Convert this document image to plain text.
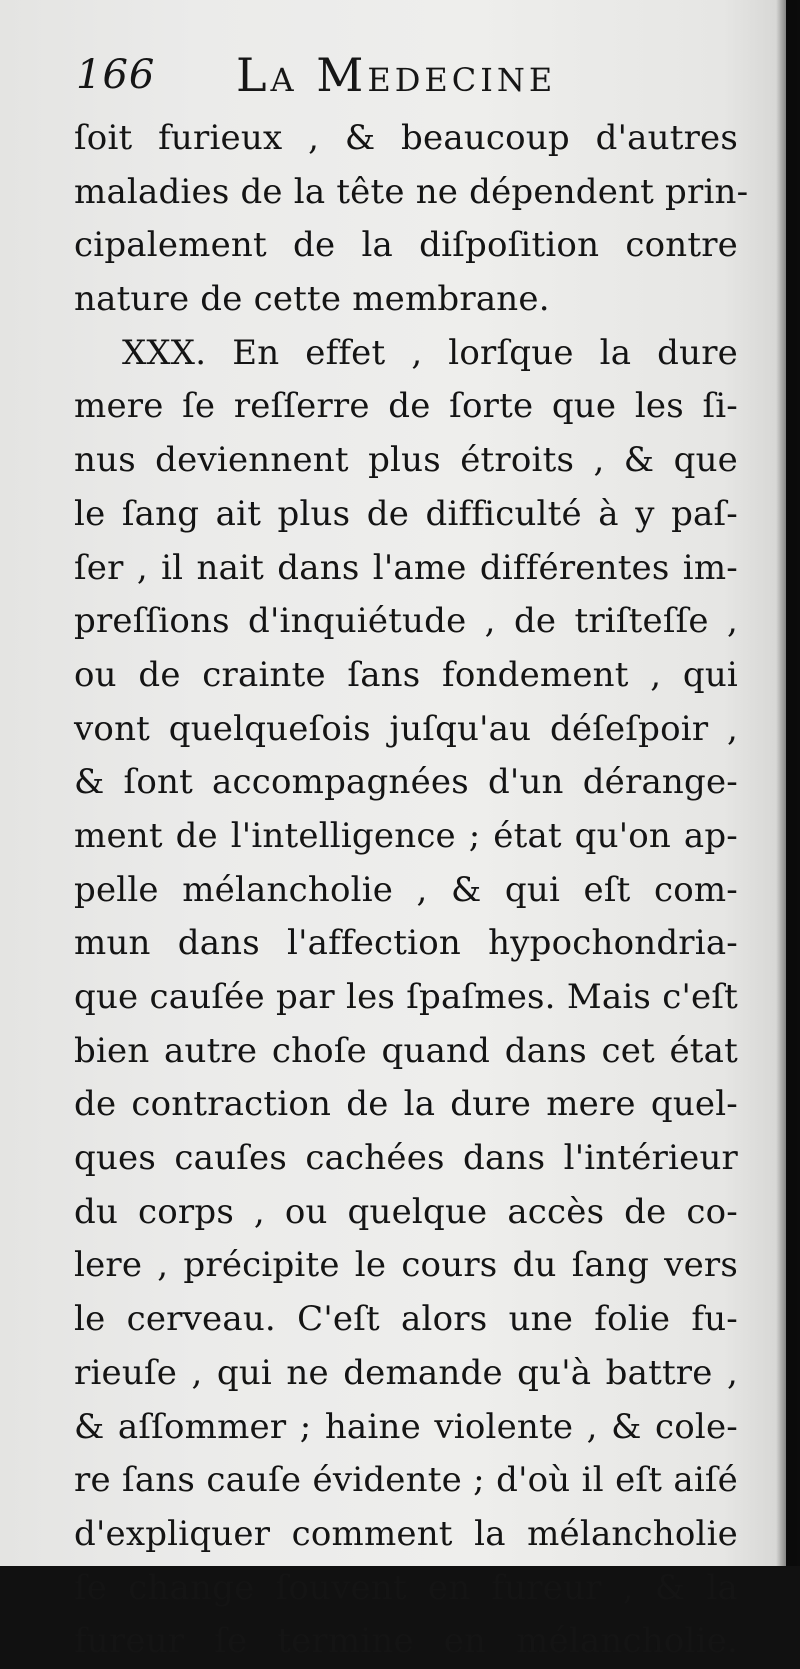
166 La Medecine
ſoit furieux , & beaucoup d'autres
maladies de la tête ne dépendent prin-
cipalement de la diſpoſition contre
nature de cette membrane.
XXX. En effet , lorſque la dure
mere ſe reſſerre de ſorte que les ſi-
nus deviennent plus étroits , & que
le ſang ait plus de difficulté à y paſ-
ſer , il nait dans l'ame différentes im-
preſſions d'inquiétude , de triſteſſe ,
ou de crainte ſans fondement , qui
vont quelqueſois juſqu'au déſeſpoir ,
& ſont accompagnées d'un dérange-
ment de l'intelligence ; état qu'on ap-
pelle mélancholie , & qui eſt com-
mun dans l'affection hypochondria-
que cauſée par les ſpaſmes. Mais c'eſt
bien autre choſe quand dans cet état
de contraction de la dure mere quel-
ques cauſes cachées dans l'intérieur
du corps , ou quelque accès de co-
lere , précipite le cours du ſang vers
le cerveau. C'eſt alors une folie fu-
rieuſe , qui ne demande qu'à battre ,
& aſſommer ; haine violente , & cole-
re ſans cauſe évidente ; d'où il eſt aiſé
d'expliquer comment la mélancholie
ſe change ſouvent en fureur , & la
fureur ſe termine en mélancholie.
